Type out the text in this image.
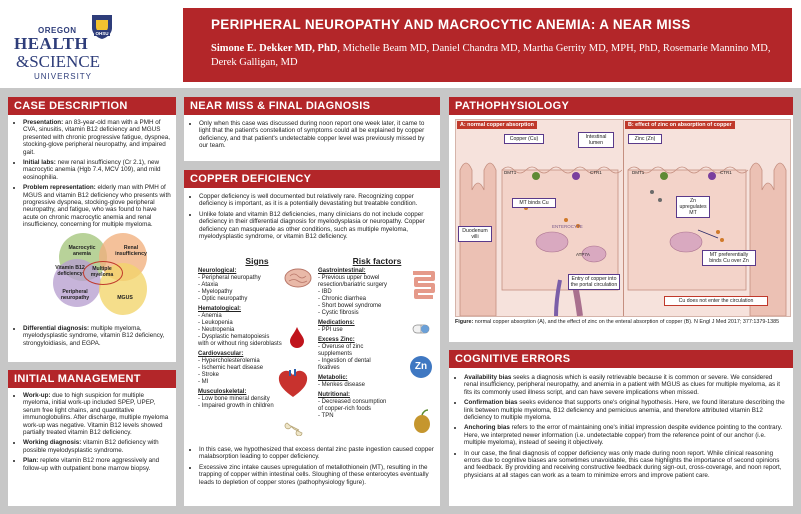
OREGON	OHSU
HEALTH
&SCIENCE
UNIVERSITY
PERIPHERAL NEUROPATHY AND MACROCYTIC ANEMIA: A NEAR MISS
Simone E. Dekker MD, PhD, Michelle Beam MD, Daniel Chandra MD, Martha Gerrity MD, MPH, PhD, Rosemarie Mannino MD, Derek Galligan, MD
CASE DESCRIPTION
• Presentation: an 83-year-old man with a PMH of CVA, sinusitis, vitamin B12 deficiency and MGUS presented with chronic progressive fatigue, dyspnea, stocking-glove peripheral neuropathy, and impaired gait.
• Initial labs: new renal insufficiency (Cr 2.1), new macrocytic anemia (Hgb 7.4, MCV 109), and mild eosinophilia.
• Problem representation: elderly man with PMH of MGUS and vitamin B12 deficiency who presents with progressive dyspnea, stocking-glove peripheral neuropathy, and fatigue, who was found to have acute on chronic macrocytic anemia and renal insufficiency, concerning for multiple myeloma.
Macrocytic anemia
Renal insufficiency
Vitamin B12 deficiency
Multiple myeloma
Peripheral neuropathy	MGUS
• Differential diagnosis: multiple myeloma, myelodysplastic syndrome, vitamin B12 deficiency, strongyloidiasis, and EGPA.
INITIAL MANAGEMENT
• Work-up: due to high suspicion for multiple myeloma, initial work-up included SPEP, UPEP, serum free light chains, and quantitative immunoglobulins. After discharge, multiple myeloma work-up was negative. Vitamin B12 levels showed partially treated vitamin B12 deficiency.
• Working diagnosis: vitamin B12 deficiency with possible myelodysplastic syndrome.
• Plan: replete vitamin B12 more aggressively and follow-up with outpatient bone marrow biopsy.
NEAR MISS & FINAL DIAGNOSIS
• Only when this case was discussed during noon report one week later, it came to light that the patient's constellation of symptoms could all be explained by copper deficiency, and that patient's undetectable copper level was previously missed by our team.
COPPER DEFICIENCY
• Copper deficiency is well documented but relatively rare. Recognizing copper deficiency is important, as it is a potentially devastating but treatable condition.
• Unlike folate and vitamin B12 deficiencies, many clinicians do not include copper deficiency in their differential diagnosis for myelodysplasia or neuropathy. Copper deficiency can masquerade as other conditions, such as multiple myeloma, myelodysplastic syndrome, or vitamin B12 deficiency.
Signs
Neurological:
- Peripheral neuropathy
- Ataxia
- Myelopathy
- Optic neuropathy
Hematological:
- Anemia
- Leukopenia
- Neutropenia
- Dysplastic hematopoiesis
with or without ring sideroblasts
Cardiovascular:
- Hypercholesterolemia
- Ischemic heart disease
- Stroke
- MI
Musculoskeletal:
- Low bone mineral density
- Impaired growth in children
Risk factors
Gastrointestinal:
- Previous upper bowel
resection/bariatric surgery
- IBD
- Chronic diarrhea
- Short bowel syndrome
- Cystic fibrosis
Medications:
- PPI use
Excess Zinc:
- Overuse of zinc
supplements
- Ingestion of dental
fixatives
Metabolic:
- Menkes disease
Nutritional:
- Decreased consumption
of copper-rich foods
- TPN
Zn
• In this case, we hypothesized that excess dental zinc paste ingestion caused copper malabsorption leading to copper deficiency.
• Excessive zinc intake causes upregulation of metallothionein (MT), resulting in the trapping of copper within intestinal cells. Sloughing of these enterocytes eventually leads to depletion of copper stores (pathophysiology figure).
PATHOPHYSIOLOGY
A: normal copper absorption
Copper (Cu)	Intestinal lumen
MT binds Cu
Duodenum villi
Entry of copper into the portal circulation
ENTEROCYTE
DMT1	CTR1
ATP7A
B: effect of zinc on absorption of copper
Zinc (Zn)
Zn upregulates MT
MT preferentially binds Cu over Zn
Cu does not enter the circulation
DMT1	CTR1
Figure: normal copper absorption (A), and the effect of zinc on the enteral absorption of copper (B). N Engl J Med 2017; 377:1379-1385
COGNITIVE ERRORS
• Availability bias seeks a diagnosis which is easily retrievable because it is common or severe. We considered renal insufficiency, peripheral neuropathy, and anemia in a patient with MGUS as clues for multiple myeloma, as it fits its commonly used illness script, and can have severe implications when missed.
• Confirmation bias seeks evidence that supports one's original hypothesis. Here, we found literature describing the link between multiple myeloma, B12 deficiency and pernicious anemia, and therefore attributed vitamin B12 deficiency to multiple myeloma.
• Anchoring bias refers to the error of maintaining one's initial impression despite evidence pointing to the contrary. Here, we interpreted newer information (i.e. undetectable copper) from the reference point of our anchor (i.e. multiple myeloma), instead of seeing it objectively.
• In our case, the final diagnosis of copper deficiency was only made during noon report. While clinical reasoning errors due to cognitive biases are sometimes unavoidable, this case highlights the importance of second opinions and feedback. By providing and receiving constructive feedback during sign-out, cross-coverage, and noon report, physicians at all stages can work as a team to minimize errors and improve patient care.
